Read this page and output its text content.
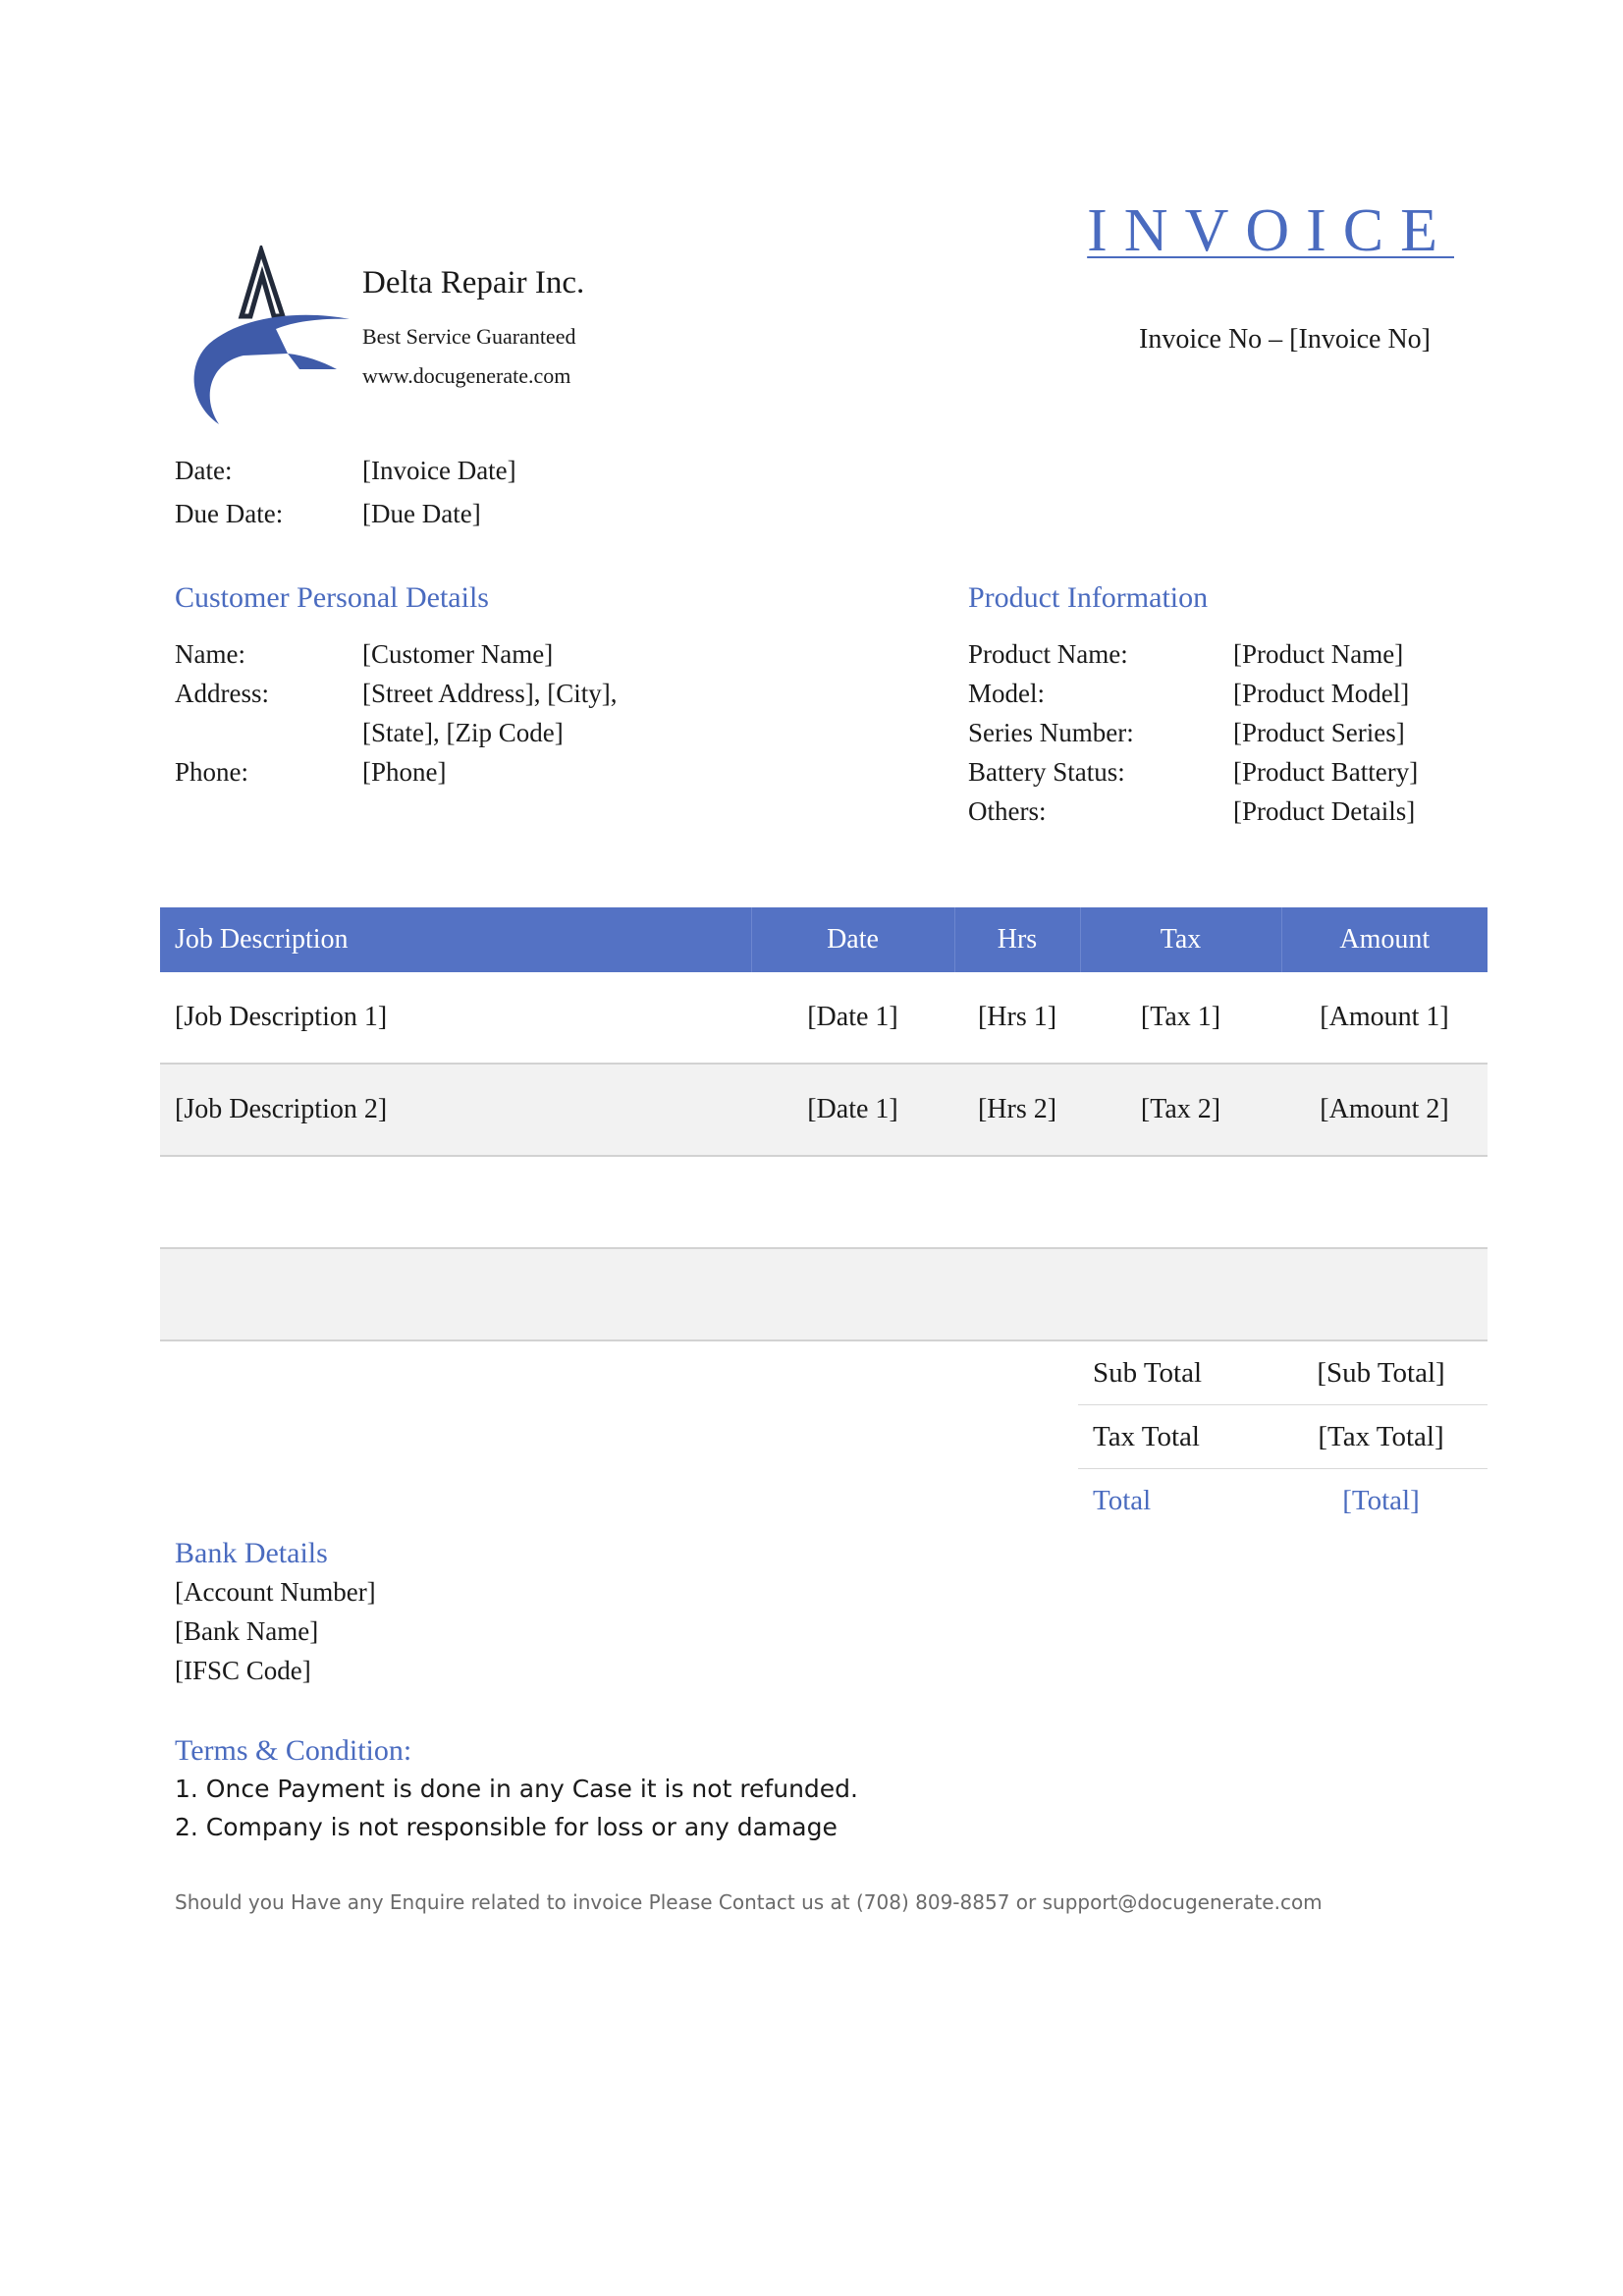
Delta Repair Inc.
Best Service Guaranteed
www.docugenerate.com
INVOICE
Invoice No – [Invoice No]
Date:	[Invoice Date]
Due Date:	[Due Date]
Customer Personal Details
Name:	[Customer Name]
Address:	[Street Address], [City],
[State], [Zip Code]
Phone:	[Phone]
Product Information
Product Name:	[Product Name]
Model:	[Product Model]
Series Number:	[Product Series]
Battery Status:	[Product Battery]
Others:	[Product Details]
Job Description	Date	Hrs	Tax	Amount
[Job Description 1]	[Date 1]	[Hrs 1]	[Tax 1]	[Amount 1]
[Job Description 2]	[Date 1]	[Hrs 2]	[Tax 2]	[Amount 2]

Sub Total	[Sub Total]
Tax Total	[Tax Total]
Total	[Total]
Bank Details
[Account Number]
[Bank Name]
[IFSC Code]
Terms & Condition:
1. Once Payment is done in any Case it is not refunded.
2. Company is not responsible for loss or any damage
Should you Have any Enquire related to invoice Please Contact us at (708) 809-8857 or support@docugenerate.com
